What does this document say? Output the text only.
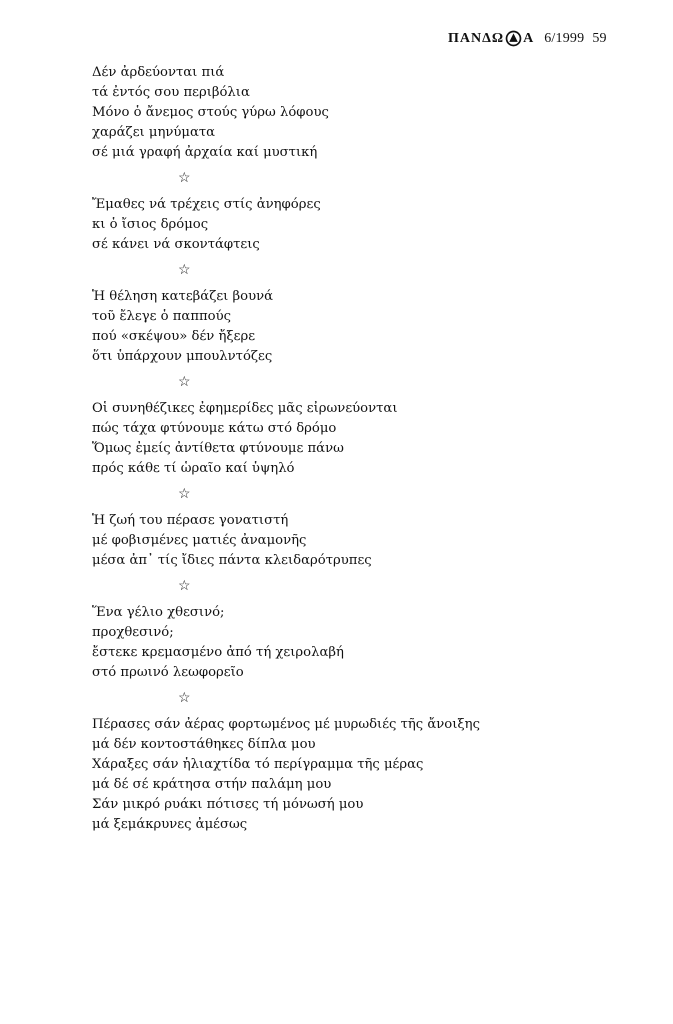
ΠΑΝΔΩ Α 6/1999 59
Δέν ἀρδεύονται πιά
τά ἐντός σου περιβόλια
Μόνο ὁ ἄνεμος στούς γύρω λόφους
χαράζει μηνύματα
σέ μιά γραφή ἀρχαία καί μυστική
☆
Ἔμαθες νά τρέχεις στίς ἀνηφόρες
κι ὁ ἴσιος δρόμος
σέ κάνει νά σκοντάφτεις
☆
Ἡ θέληση κατεβάζει βουνά
τοῦ ἔλεγε ὁ παππούς
πού «σκέψου» δέν ἤξερε
ὅτι ὑπάρχουν μπουλντόζες
☆
Οἱ συνηθέζικες ἐφημερίδες μᾶς εἰρωνεύονται
πώς τάχα φτύνουμε κάτω στό δρόμο
Ὅμως ἐμείς ἀντίθετα φτύνουμε πάνω
πρός κάθε τί ὡραῖο καί ὑψηλό
☆
Ἡ ζωή του πέρασε γονατιστή
μέ φοβισμένες ματιές ἀναμονῆς
μέσα ἀπ᾽ τίς ἴδιες πάντα κλειδαρότρυπες
☆
Ἕνα γέλιο χθεσινό;
προχθεσινό;
ἔστεκε κρεμασμένο ἀπό τή χειρολαβή
στό πρωινό λεωφορεῖο
☆
Πέρασες σάν ἀέρας φορτωμένος μέ μυρωδιές τῆς ἄνοιξης
μά δέν κοντοστάθηκες δίπλα μου
Χάραξες σάν ἡλιαχτίδα τό περίγραμμα τῆς μέρας
μά δέ σέ κράτησα στήν παλάμη μου
Σάν μικρό ρυάκι πότισες τή μόνωσή μου
μά ξεμάκρυνες ἀμέσως
